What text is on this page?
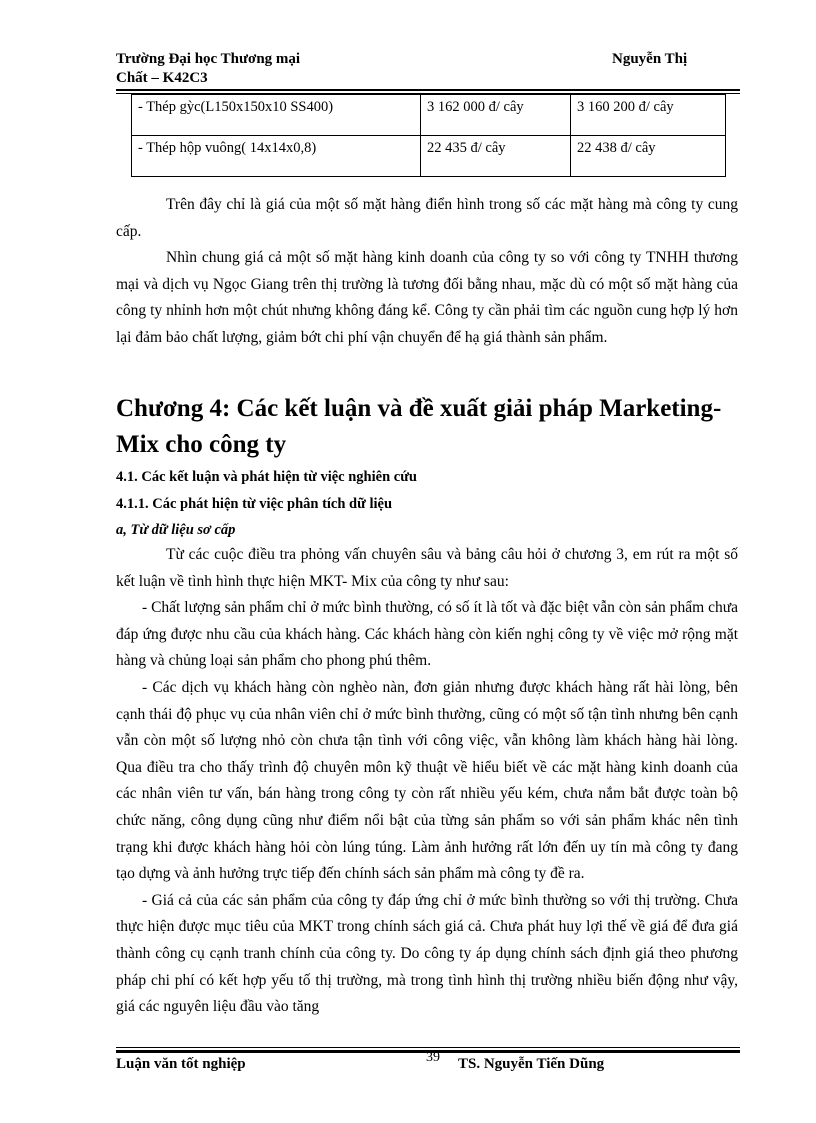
Trường Đại học Thương mại	Nguyễn Thị
Chất – K42C3
- Thép gỳc(L150x150x10 SS400)	3 162 000 đ/ cây	3 160 200 đ/ cây
- Thép hộp vuông( 14x14x0,8)	22 435 đ/ cây	22 438 đ/ cây

Trên đây chỉ là giá của một số mặt hàng điển hình trong số các mặt hàng mà công ty cung cấp.

Nhìn chung giá cả một số mặt hàng kinh doanh của công ty so với công ty TNHH thương mại và dịch vụ Ngọc Giang trên thị trường là tương đối bằng nhau, mặc dù có một số mặt hàng của công ty nhỉnh hơn một chút nhưng không đáng kể. Công ty cần phải tìm các nguồn cung hợp lý hơn lại đảm bảo chất lượng, giảm bớt chi phí vận chuyển để hạ giá thành sản phẩm.

Chương 4: Các kết luận và đề xuất giải pháp Marketing-Mix cho công ty
4.1. Các kết luận và phát hiện từ việc nghiên cứu
4.1.1. Các phát hiện từ việc phân tích dữ liệu
a, Từ dữ liệu sơ cấp

Từ các cuộc điều tra phỏng vấn chuyên sâu và bảng câu hỏi ở chương 3, em rút ra một số kết luận về tình hình thực hiện MKT- Mix của công ty như sau:

- Chất lượng sản phẩm chỉ ở mức bình thường, có số ít là tốt và đặc biệt vẫn còn sản phẩm chưa đáp ứng được nhu cầu của khách hàng. Các khách hàng còn kiến nghị công ty về việc mở rộng mặt hàng và chủng loại sản phẩm cho phong phú thêm.

- Các dịch vụ khách hàng còn nghèo nàn, đơn giản nhưng được khách hàng rất hài lòng, bên cạnh thái độ phục vụ của nhân viên chỉ ở mức bình thường, cũng có một số tận tình nhưng bên cạnh vẫn còn một số lượng nhỏ còn chưa tận tình với công việc, vẫn không làm khách hàng hài lòng. Qua điều tra cho thấy trình độ chuyên môn kỹ thuật về hiểu biết về các mặt hàng kinh doanh của các nhân viên tư vấn, bán hàng trong công ty còn rất nhiều yếu kém, chưa nắm bắt được toàn bộ chức năng, công dụng cũng như điểm nổi bật của từng sản phẩm so với sản phẩm khác nên tình trạng khi được khách hàng hỏi còn lúng túng. Làm ảnh hưởng rất lớn đến uy tín mà công ty đang tạo dựng và ảnh hưởng trực tiếp đến chính sách sản phẩm mà công ty đề ra.

- Giá cả của các sản phẩm của công ty đáp ứng chỉ ở mức bình thường so với thị trường. Chưa thực hiện được mục tiêu của MKT trong chính sách giá cả. Chưa phát huy lợi thế về giá để đưa giá thành công cụ cạnh tranh chính của công ty. Do công ty áp dụng chính sách định giá theo phương pháp chi phí có kết hợp yếu tố thị trường, mà trong tình hình thị trường nhiều biến động như vậy, giá các nguyên liệu đầu vào tăng

Luận văn tốt nghiệp	39 TS. Nguyễn Tiến Dũng
